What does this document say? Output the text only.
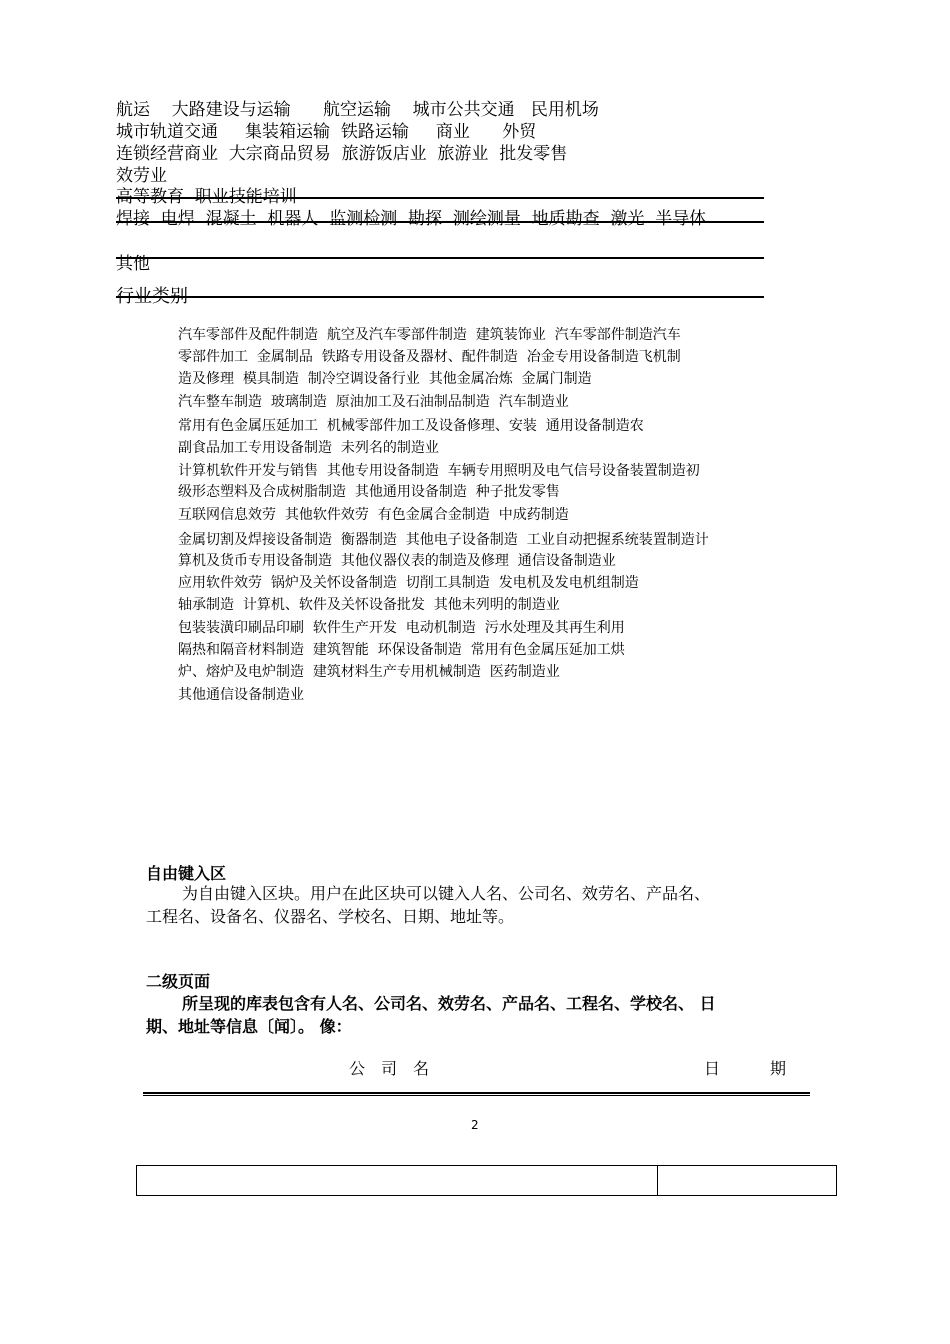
航运    大路建设与运输      航空运输    城市公共交通   民用机场
城市轨道交通     集装箱运输  铁路运输     商业      外贸
连锁经营商业  大宗商品贸易  旅游饭店业  旅游业  批发零售
效劳业
高等教育  职业技能培训
焊接  电焊  混凝土  机器人  监测检测  勘探  测绘测量  地质勘查  激光  半导体
其他
行业类别
汽车零部件及配件制造  航空及汽车零部件制造  建筑装饰业  汽车零部件制造汽车
零部件加工  金属制品  铁路专用设备及器材、配件制造  冶金专用设备制造飞机制
造及修理  模具制造  制冷空调设备行业  其他金属冶炼  金属门制造
汽车整车制造  玻璃制造  原油加工及石油制品制造  汽车制造业
常用有色金属压延加工  机械零部件加工及设备修理、安装  通用设备制造农
副食品加工专用设备制造  未列名的制造业
计算机软件开发与销售  其他专用设备制造  车辆专用照明及电气信号设备装置制造初
级形态塑料及合成树脂制造  其他通用设备制造  种子批发零售
互联网信息效劳  其他软件效劳  有色金属合金制造  中成药制造
金属切割及焊接设备制造  衡器制造  其他电子设备制造  工业自动把握系统装置制造计
算机及货币专用设备制造  其他仪器仪表的制造及修理  通信设备制造业
应用软件效劳  锅炉及关怀设备制造  切削工具制造  发电机及发电机组制造
轴承制造  计算机、软件及关怀设备批发  其他未列明的制造业
包装装潢印刷品印刷  软件生产开发  电动机制造  污水处理及其再生利用
隔热和隔音材料制造  建筑智能  环保设备制造  常用有色金属压延加工烘
炉、熔炉及电炉制造  建筑材料生产专用机械制造  医药制造业
其他通信设备制造业
自由键入区
为自由键入区块。用户在此区块可以键入人名、公司名、效劳名、产品名、
工程名、设备名、仪器名、学校名、日期、地址等。
二级页面
所呈现的库表包含有人名、公司名、效劳名、产品名、工程名、学校名、 日
期、地址等信息〔闻〕。 像：
公司名	日期
2
